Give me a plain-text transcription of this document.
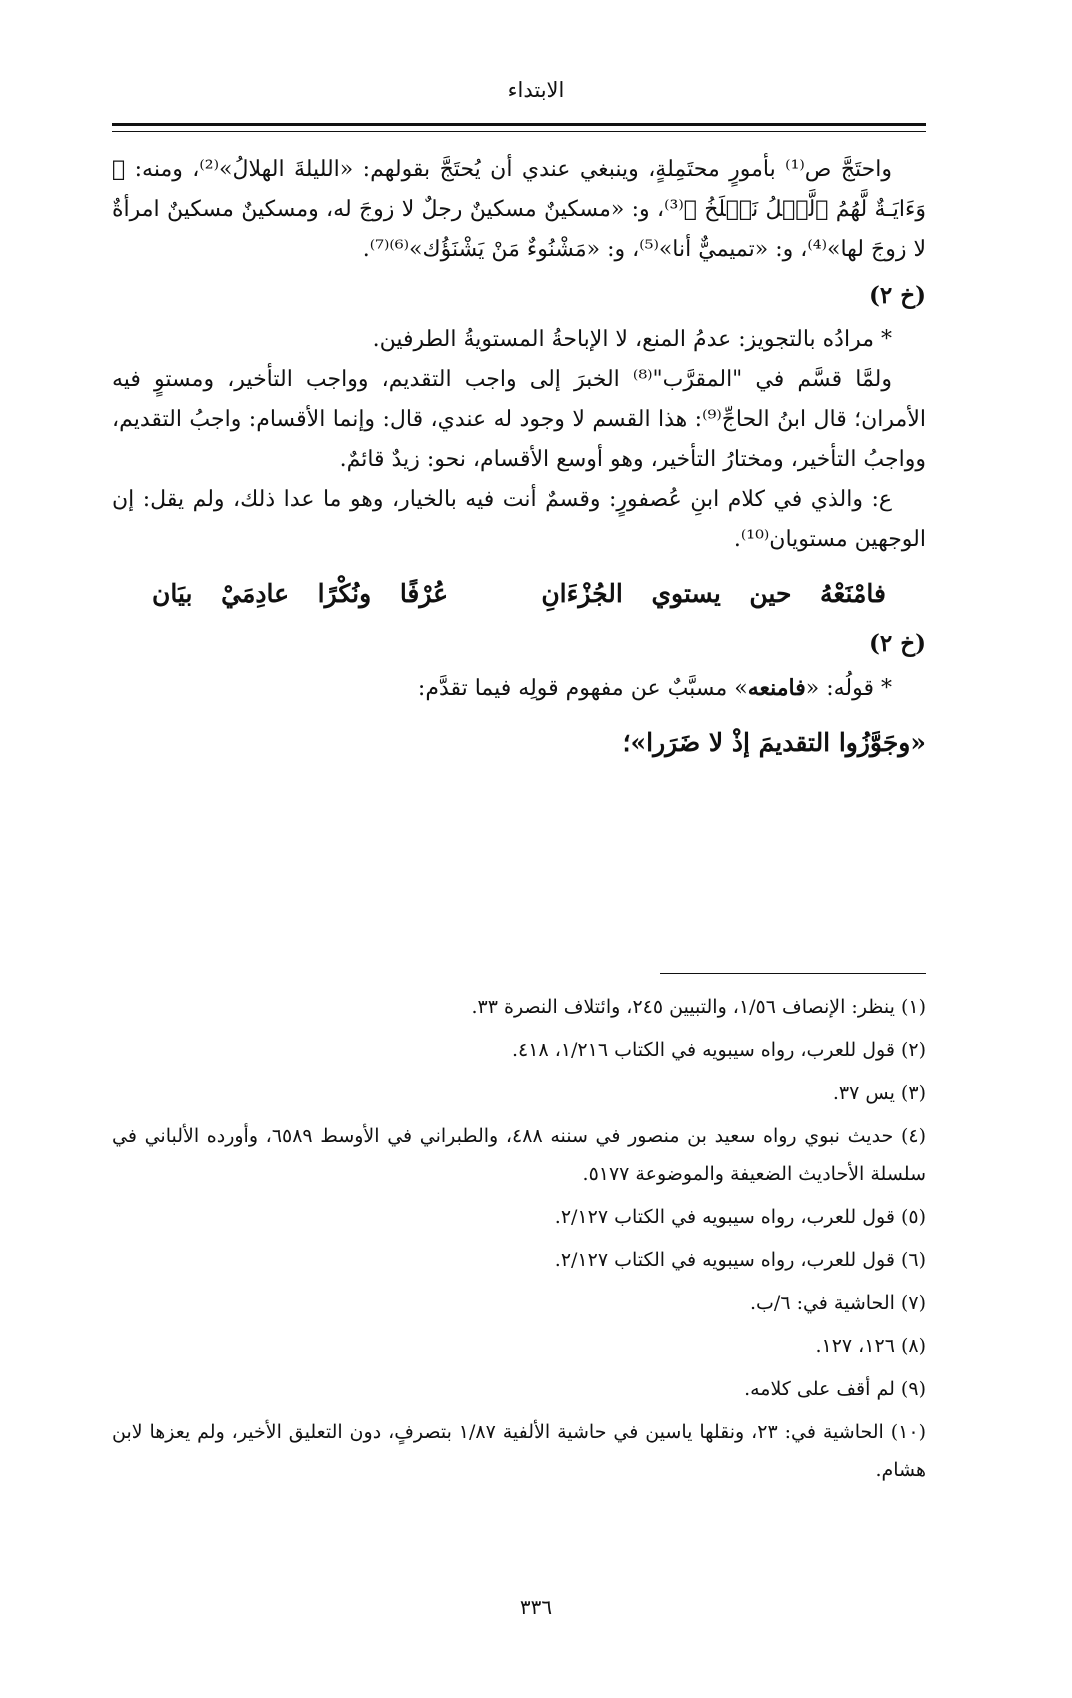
الابتداء

واحتَجَّ ص⁽¹⁾ بأمورٍ محتَمِلةٍ، وينبغي عندي أن يُحتَجَّ بقولهم: «الليلةَ الهلالُ»⁽²⁾، ومنه: ﴿ وَءَايَـةٌ لَّهُمُ ٱلَّيۡلُ نَسۡلَخُ ﴾⁽³⁾، و: «مسكينٌ مسكينٌ رجلٌ لا زوجَ له، ومسكينٌ مسكينٌ امرأةٌ لا زوجَ لها»⁽⁴⁾، و: «تميميٌّ أنا»⁽⁵⁾، و: «مَشْنُوءٌ مَنْ يَشْنَؤُك»⁽⁶⁾⁽⁷⁾.

(خ ٢)

* مرادُه بالتجويز: عدمُ المنع، لا الإباحةُ المستويةُ الطرفين.

ولمَّا قسَّم في "المقرَّب"⁽⁸⁾ الخبرَ إلى واجب التقديم، وواجب التأخير، ومستوٍ فيه الأمران؛ قال ابنُ الحاجِّ⁽⁹⁾: هذا القسم لا وجود له عندي، قال: وإنما الأقسام: واجبُ التقديم، وواجبُ التأخير، ومختارُ التأخير، وهو أوسع الأقسام، نحو: زيدٌ قائمٌ.

ع: والذي في كلام ابنِ عُصفورٍ: وقسمٌ أنت فيه بالخيار، وهو ما عدا ذلك، ولم يقل: إن الوجهين مستويان⁽¹⁰⁾.

فامْنَعْهُ
حين
يستوي
الجُزْءَانِ
عُرْفًا
ونُكْرًا
عادِمَيْ
بيَان

(خ ٢)

* قولُه: «فامنعه» مسبَّبٌ عن مفهوم قولِه فيما تقدَّم:

«وجَوَّزُوا التقديمَ إذْ لا ضَرَرا»؛

(١) ينظر: الإنصاف ١/٥٦، والتبيين ٢٤٥، وائتلاف النصرة ٣٣.

(٢) قول للعرب، رواه سيبويه في الكتاب ١/٢١٦، ٤١٨.

(٣) يس ٣٧.

(٤) حديث نبوي رواه سعيد بن منصور في سننه ٤٨٨، والطبراني في الأوسط ٦٥٨٩، وأورده الألباني في سلسلة الأحاديث الضعيفة والموضوعة ٥١٧٧.

(٥) قول للعرب، رواه سيبويه في الكتاب ٢/١٢٧.

(٦) قول للعرب، رواه سيبويه في الكتاب ٢/١٢٧.

(٧) الحاشية في: ٦/ب.

(٨) ١٢٦، ١٢٧.

(٩) لم أقف على كلامه.

(١٠) الحاشية في: ٢٣، ونقلها ياسين في حاشية الألفية ١/٨٧ بتصرفٍ، دون التعليق الأخير، ولم يعزها لابن هشام.

٣٣٦
